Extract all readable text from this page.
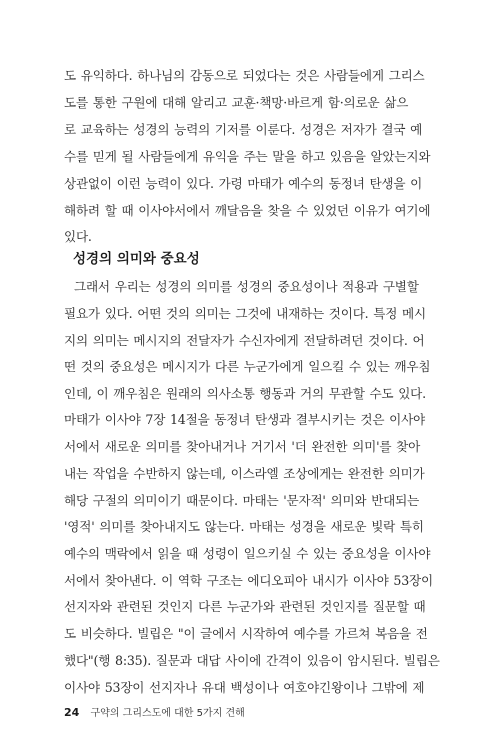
도 유익하다. 하나님의 감동으로 되었다는 것은 사람들에게 그리스
도를 통한 구원에 대해 알리고 교훈·책망·바르게 함·의로운 삶으
로 교육하는 성경의 능력의 기저를 이룬다. 성경은 저자가 결국 예
수를 믿게 될 사람들에게 유익을 주는 말을 하고 있음을 알았는지와
상관없이 이런 능력이 있다. 가령 마태가 예수의 동정녀 탄생을 이
해하려 할 때 이사야서에서 깨달음을 찾을 수 있었던 이유가 여기에
있다.
성경의 의미와 중요성
그래서 우리는 성경의 의미를 성경의 중요성이나 적용과 구별할
필요가 있다. 어떤 것의 의미는 그것에 내재하는 것이다. 특정 메시
지의 의미는 메시지의 전달자가 수신자에게 전달하려던 것이다. 어
떤 것의 중요성은 메시지가 다른 누군가에게 일으킬 수 있는 깨우침
인데, 이 깨우침은 원래의 의사소통 행동과 거의 무관할 수도 있다.
마태가 이사야 7장 14절을 동정녀 탄생과 결부시키는 것은 이사야
서에서 새로운 의미를 찾아내거나 거기서 '더 완전한 의미'를 찾아
내는 작업을 수반하지 않는데, 이스라엘 조상에게는 완전한 의미가
해당 구절의 의미이기 때문이다. 마태는 '문자적' 의미와 반대되는
'영적' 의미를 찾아내지도 않는다. 마태는 성경을 새로운 빛락 특히
예수의 맥락에서 읽을 때 성령이 일으키실 수 있는 중요성을 이사야
서에서 찾아낸다. 이 역학 구조는 에디오피아 내시가 이사야 53장이
선지자와 관련된 것인지 다른 누군가와 관련된 것인지를 질문할 때
도 비슷하다. 빌립은 "이 글에서 시작하여 예수를 가르쳐 복음을 전
했다"(행 8:35). 질문과 대답 사이에 간격이 있음이 암시된다. 빌립은
이사야 53장이 선지자나 유대 백성이나 여호야긴왕이나 그밖에 제
24 구약의 그리스도에 대한 5가지 견해
